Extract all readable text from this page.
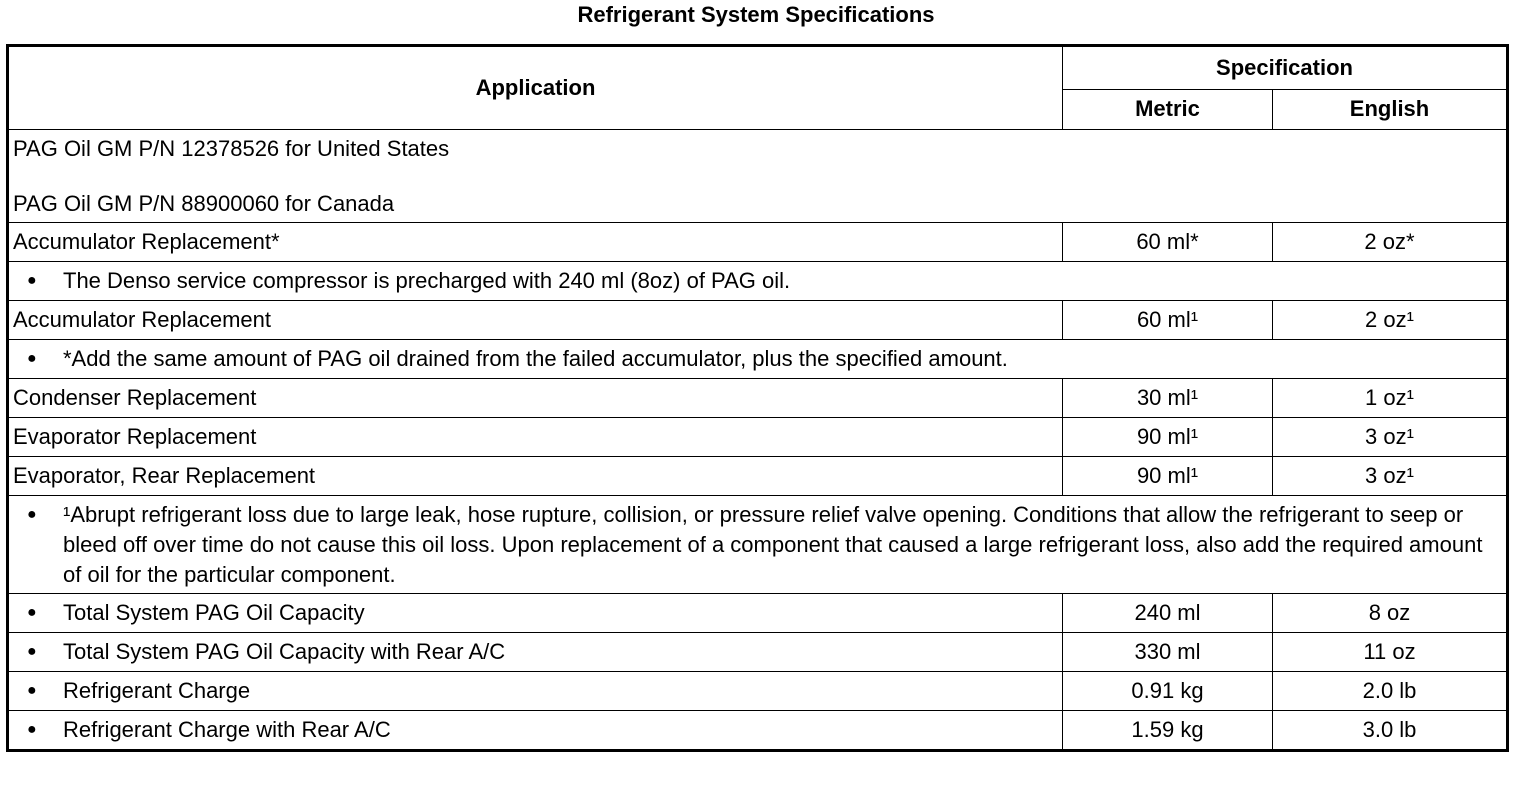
Refrigerant System Specifications
Application	Specification	
	Metric	English

PAG Oil GM P/N 12378526 for United States
PAG Oil GM P/N 88900060 for Canada		

Accumulator Replacement*	60 ml*	2 oz*

● The Denso service compressor is precharged with 240 ml (8oz) of PAG oil.		

Accumulator Replacement	60 ml¹	2 oz¹

● *Add the same amount of PAG oil drained from the failed accumulator, plus the specified amount.		

Condenser Replacement	30 ml¹	1 oz¹
Evaporator Replacement	90 ml¹	3 oz¹
Evaporator, Rear Replacement	90 ml¹	3 oz¹

● ¹Abrupt refrigerant loss due to large leak, hose rupture, collision, or pressure relief valve opening. Conditions that allow the refrigerant to seep or bleed off over time do not cause this oil loss. Upon replacement of a component that caused a large refrigerant loss, also add the required amount of oil for the particular component.		

● Total System PAG Oil Capacity	240 ml	8 oz

● Total System PAG Oil Capacity with Rear A/C	330 ml	11 oz

● Refrigerant Charge	0.91 kg	2.0 lb

● Refrigerant Charge with Rear A/C	1.59 kg	3.0 lb
